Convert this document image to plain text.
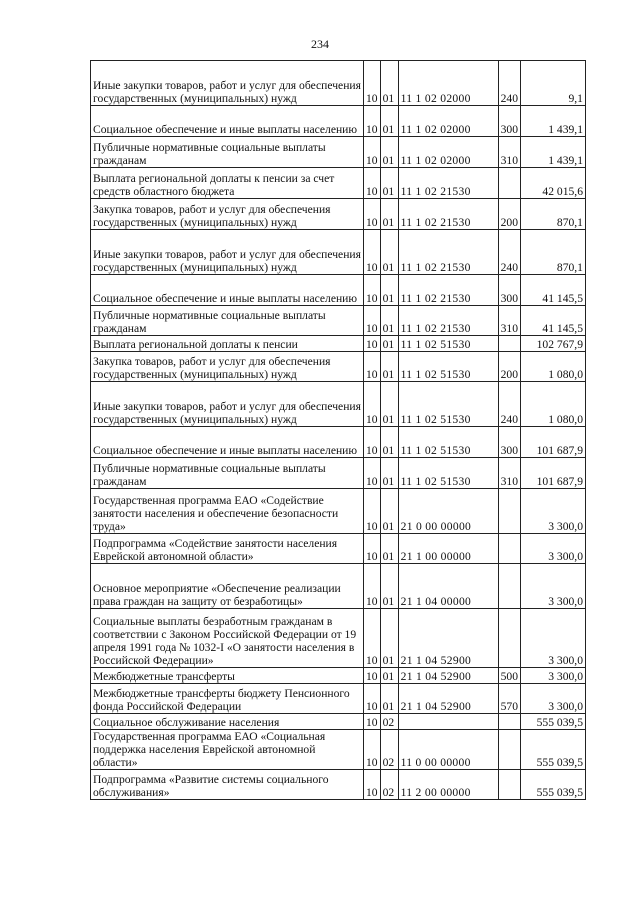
234
Иные закупки товаров, работ и услуг для обеспечения государственных (муниципальных) нужд	10	01	11 1 02 02000	240	9,1
Социальное обеспечение и иные выплаты населению	10	01	11 1 02 02000	300	1 439,1
Публичные нормативные социальные выплаты гражданам	10	01	11 1 02 02000	310	1 439,1
Выплата региональной доплаты к пенсии за счет средств областного бюджета	10	01	11 1 02 21530		42 015,6
Закупка товаров, работ и услуг для обеспечения государственных (муниципальных) нужд	10	01	11 1 02 21530	200	870,1
Иные закупки товаров, работ и услуг для обеспечения государственных (муниципальных) нужд	10	01	11 1 02 21530	240	870,1
Социальное обеспечение и иные выплаты населению	10	01	11 1 02 21530	300	41 145,5
Публичные нормативные социальные выплаты гражданам	10	01	11 1 02 21530	310	41 145,5
Выплата региональной доплаты к пенсии	10	01	11 1 02 51530		102 767,9
Закупка товаров, работ и услуг для обеспечения государственных (муниципальных) нужд	10	01	11 1 02 51530	200	1 080,0
Иные закупки товаров, работ и услуг для обеспечения государственных (муниципальных) нужд	10	01	11 1 02 51530	240	1 080,0
Социальное обеспечение и иные выплаты населению	10	01	11 1 02 51530	300	101 687,9
Публичные нормативные социальные выплаты гражданам	10	01	11 1 02 51530	310	101 687,9
Государственная программа ЕАО «Содействие занятости населения и обеспечение безопасности труда»	10	01	21 0 00 00000		3 300,0
Подпрограмма «Содействие занятости населения Еврейской автономной области»	10	01	21 1 00 00000		3 300,0
Основное мероприятие «Обеспечение реализации права граждан на защиту от безработицы»	10	01	21 1 04 00000		3 300,0
Социальные выплаты безработным гражданам в соответствии с Законом Российской Федерации от 19 апреля 1991 года № 1032-I «О занятости населения в Российской Федерации»	10	01	21 1 04 52900		3 300,0
Межбюджетные трансферты	10	01	21 1 04 52900	500	3 300,0
Межбюджетные трансферты бюджету Пенсионного фонда Российской Федерации	10	01	21 1 04 52900	570	3 300,0
Социальное обслуживание населения	10	02			555 039,5
Государственная программа ЕАО «Социальная поддержка населения Еврейской автономной области»	10	02	11 0 00 00000		555 039,5
Подпрограмма «Развитие системы социального обслуживания»	10	02	11 2 00 00000		555 039,5
